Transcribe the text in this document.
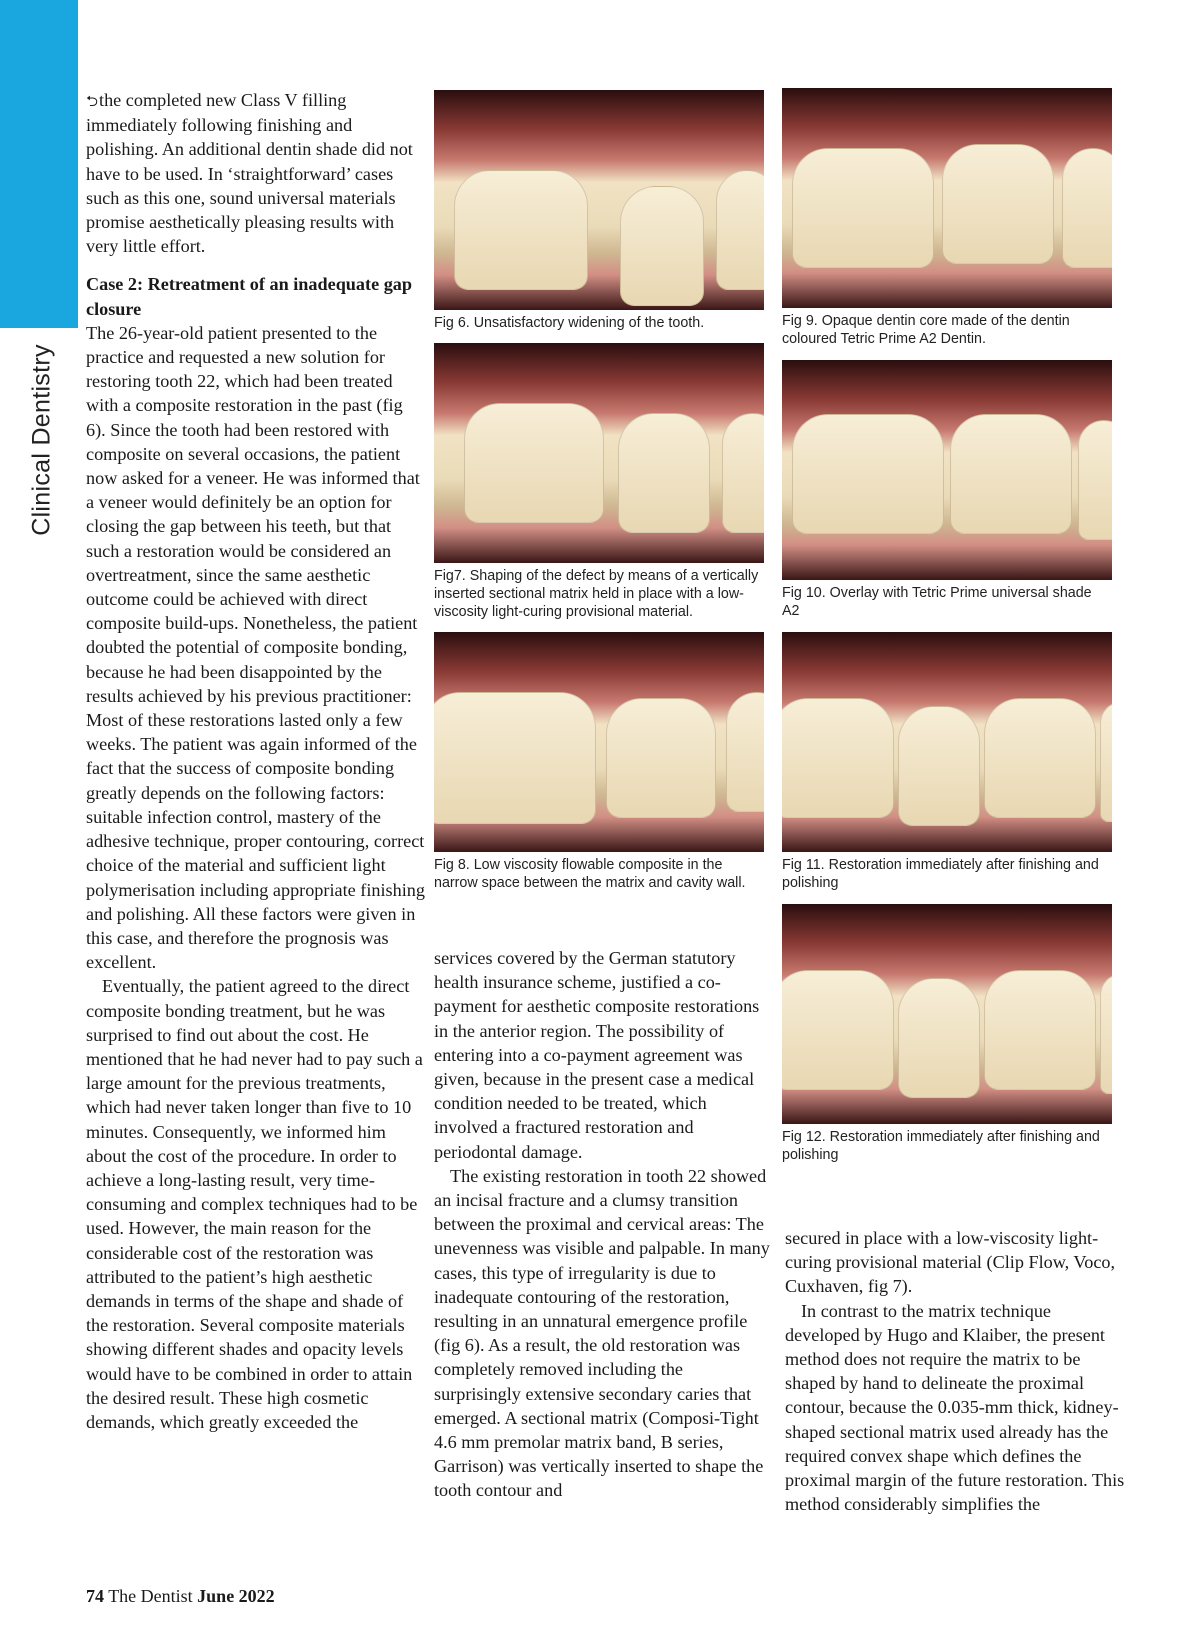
Clinical Dentistry

⮌the completed new Class V filling immediately following finishing and polishing. An additional dentin shade did not have to be used. In ‘straightforward’ cases such as this one, sound universal materials promise aesthetically pleasing results with very little effort.

Case 2: Retreatment of an inadequate gap closure

The 26-year-old patient presented to the practice and requested a new solution for restoring tooth 22, which had been treated with a composite restoration in the past (fig 6). Since the tooth had been restored with composite on several occasions, the patient now asked for a veneer. He was informed that a veneer would definitely be an option for closing the gap between his teeth, but that such a restoration would be considered an overtreatment, since the same aesthetic outcome could be achieved with direct composite build-ups. Nonetheless, the patient doubted the potential of composite bonding, because he had been disappointed by the results achieved by his previous practitioner: Most of these restorations lasted only a few weeks. The patient was again informed of the fact that the success of composite bonding greatly depends on the following factors: suitable infection control, mastery of the adhesive technique, proper contouring, correct choice of the material and sufficient light polymerisation including appropriate finishing and polishing. All these factors were given in this case, and therefore the prognosis was excellent.

Eventually, the patient agreed to the direct composite bonding treatment, but he was surprised to find out about the cost. He mentioned that he had never had to pay such a large amount for the previous treatments, which had never taken longer than five to 10 minutes. Consequently, we informed him about the cost of the procedure. In order to achieve a long-lasting result, very time-consuming and complex techniques had to be used. However, the main reason for the considerable cost of the restoration was attributed to the patient’s high aesthetic demands in terms of the shape and shade of the restoration. Several composite materials showing different shades and opacity levels would have to be combined in order to attain the desired result. These high cosmetic demands, which greatly exceeded the

Fig 6. Unsatisfactory widening of the tooth.
Fig7. Shaping of the defect by means of a vertically inserted sectional matrix held in place with a low-viscosity light-curing provisional material.
Fig 8. Low viscosity flowable composite in the narrow space between the matrix and cavity wall.
Fig 9. Opaque dentin core made of the dentin coloured Tetric Prime A2 Dentin.
Fig 10. Overlay with Tetric Prime universal shade A2
Fig 11. Restoration immediately after finishing and polishing
Fig 12. Restoration immediately after finishing and polishing

services covered by the German statutory health insurance scheme, justified a co-payment for aesthetic composite restorations in the anterior region. The possibility of entering into a co-payment agreement was given, because in the present case a medical condition needed to be treated, which involved a fractured restoration and periodontal damage.

The existing restoration in tooth 22 showed an incisal fracture and a clumsy transition between the proximal and cervical areas: The unevenness was visible and palpable. In many cases, this type of irregularity is due to inadequate contouring of the restoration, resulting in an unnatural emergence profile (fig 6). As a result, the old restoration was completely removed including the surprisingly extensive secondary caries that emerged. A sectional matrix (Composi-Tight 4.6 mm premolar matrix band, B series, Garrison) was vertically inserted to shape the tooth contour and

secured in place with a low-viscosity light-curing provisional material (Clip Flow, Voco, Cuxhaven, fig 7).

In contrast to the matrix technique developed by Hugo and Klaiber, the present method does not require the matrix to be shaped by hand to delineate the proximal contour, because the 0.035-mm thick, kidney-shaped sectional matrix used already has the required convex shape which defines the proximal margin of the future restoration. This method considerably simplifies the

74 The Dentist June 2022
